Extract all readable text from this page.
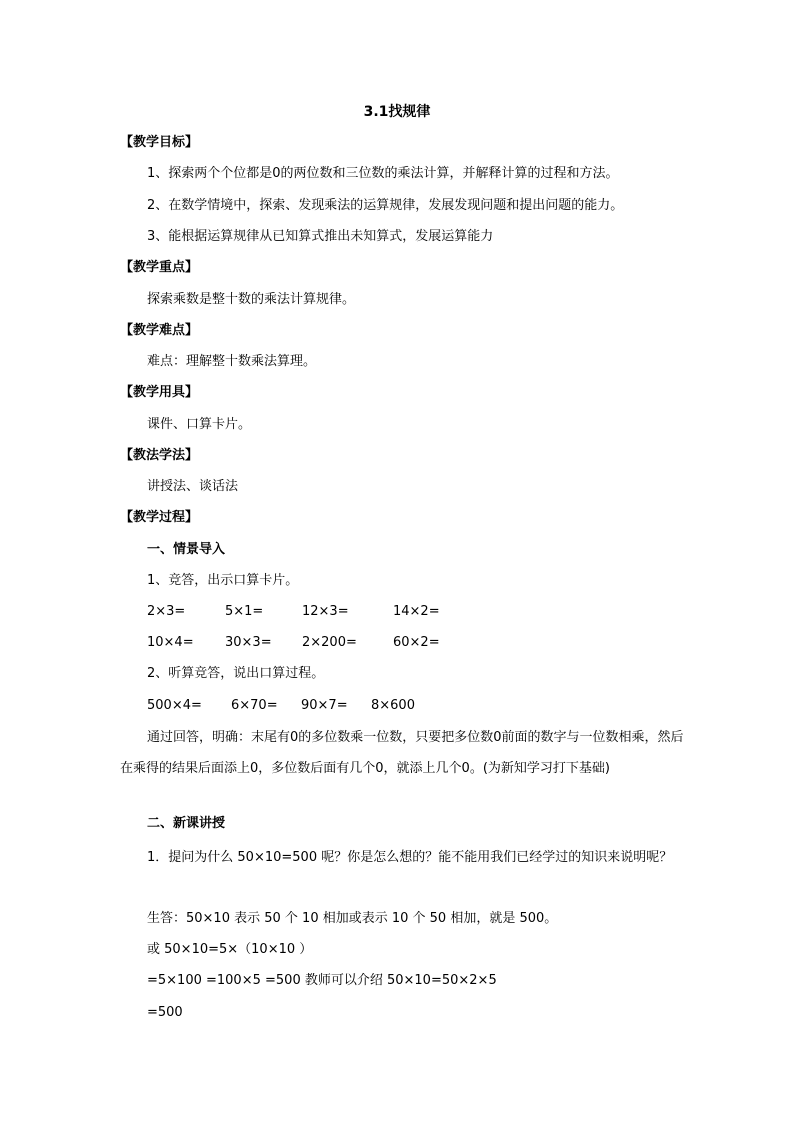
3.1找规律
【教学目标】
1、探索两个个位都是0的两位数和三位数的乘法计算，并解释计算的过程和方法。
2、在数学情境中，探索、发现乘法的运算规律，发展发现问题和提出问题的能力。
3、能根据运算规律从已知算式推出未知算式，发展运算能力
【教学重点】
探索乘数是整十数的乘法计算规律。
【教学难点】
难点：理解整十数乘法算理。
【教学用具】
课件、口算卡片。
【教法学法】
讲授法、谈话法
【教学过程】
一、情景导入
1、竞答，出示口算卡片。
2×3=	5×1=	12×3=	14×2=
10×4= 30×3= 2×200=	60×2=
2、听算竞答，说出口算过程。
500×4= 6×70= 90×7= 8×600
通过回答，明确：末尾有0的多位数乘一位数，只要把多位数0前面的数字与一位数相乘，然后在乘得的结果后面添上0，多位数后面有几个0，就添上几个0。(为新知学习打下基础)
二、新课讲授
1．提问为什么 50×10=500 呢？你是怎么想的？能不能用我们已经学过的知识来说明呢？
生答：50×10 表示 50 个 10 相加或表示 10 个 50 相加，就是 500。
或 50×10=5×（10×10 ）
=5×100 =100×5 =500 教师可以介绍 50×10=50×2×5
=500
